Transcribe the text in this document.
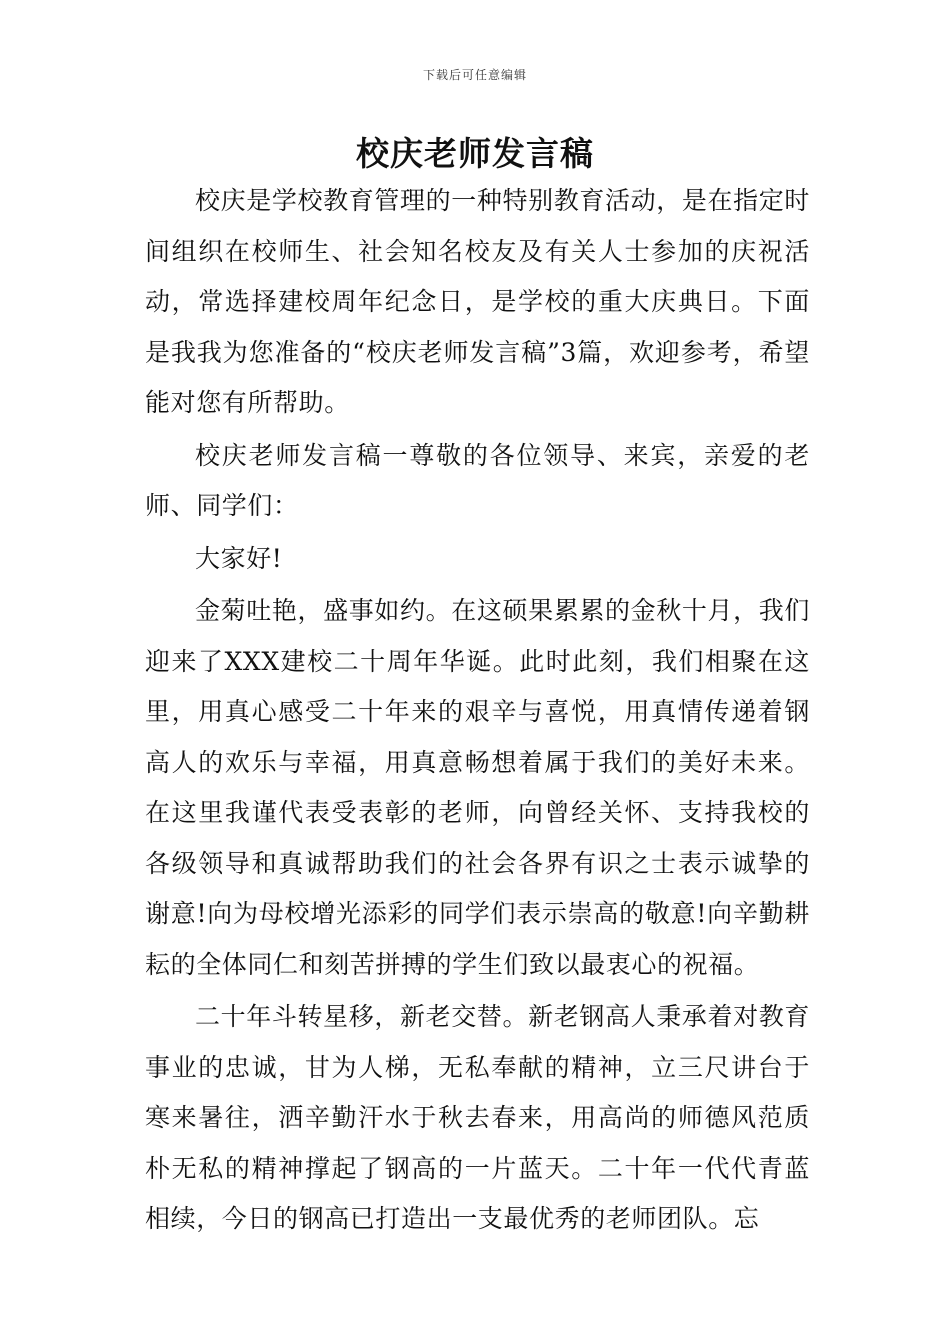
下载后可任意编辑
校庆老师发言稿

校庆是学校教育管理的一种特别教育活动，是在指定时间组织在校师生、社会知名校友及有关人士参加的庆祝活动，常选择建校周年纪念日，是学校的重大庆典日。下面是我我为您准备的“校庆老师发言稿”3篇，欢迎参考，希望能对您有所帮助。

校庆老师发言稿一尊敬的各位领导、来宾，亲爱的老师、同学们：

大家好!

金菊吐艳，盛事如约。在这硕果累累的金秋十月，我们迎来了XXX建校二十周年华诞。此时此刻，我们相聚在这里，用真心感受二十年来的艰辛与喜悦，用真情传递着钢高人的欢乐与幸福，用真意畅想着属于我们的美好未来。在这里我谨代表受表彰的老师，向曾经关怀、支持我校的各级领导和真诚帮助我们的社会各界有识之士表示诚挚的谢意!向为母校增光添彩的同学们表示崇高的敬意!向辛勤耕耘的全体同仁和刻苦拼搏的学生们致以最衷心的祝福。

二十年斗转星移，新老交替。新老钢高人秉承着对教育事业的忠诚，甘为人梯，无私奉献的精神，立三尺讲台于寒来暑往，洒辛勤汗水于秋去春来，用高尚的师德风范质朴无私的精神撑起了钢高的一片蓝天。二十年一代代青蓝相续，今日的钢高已打造出一支最优秀的老师团队。忘
